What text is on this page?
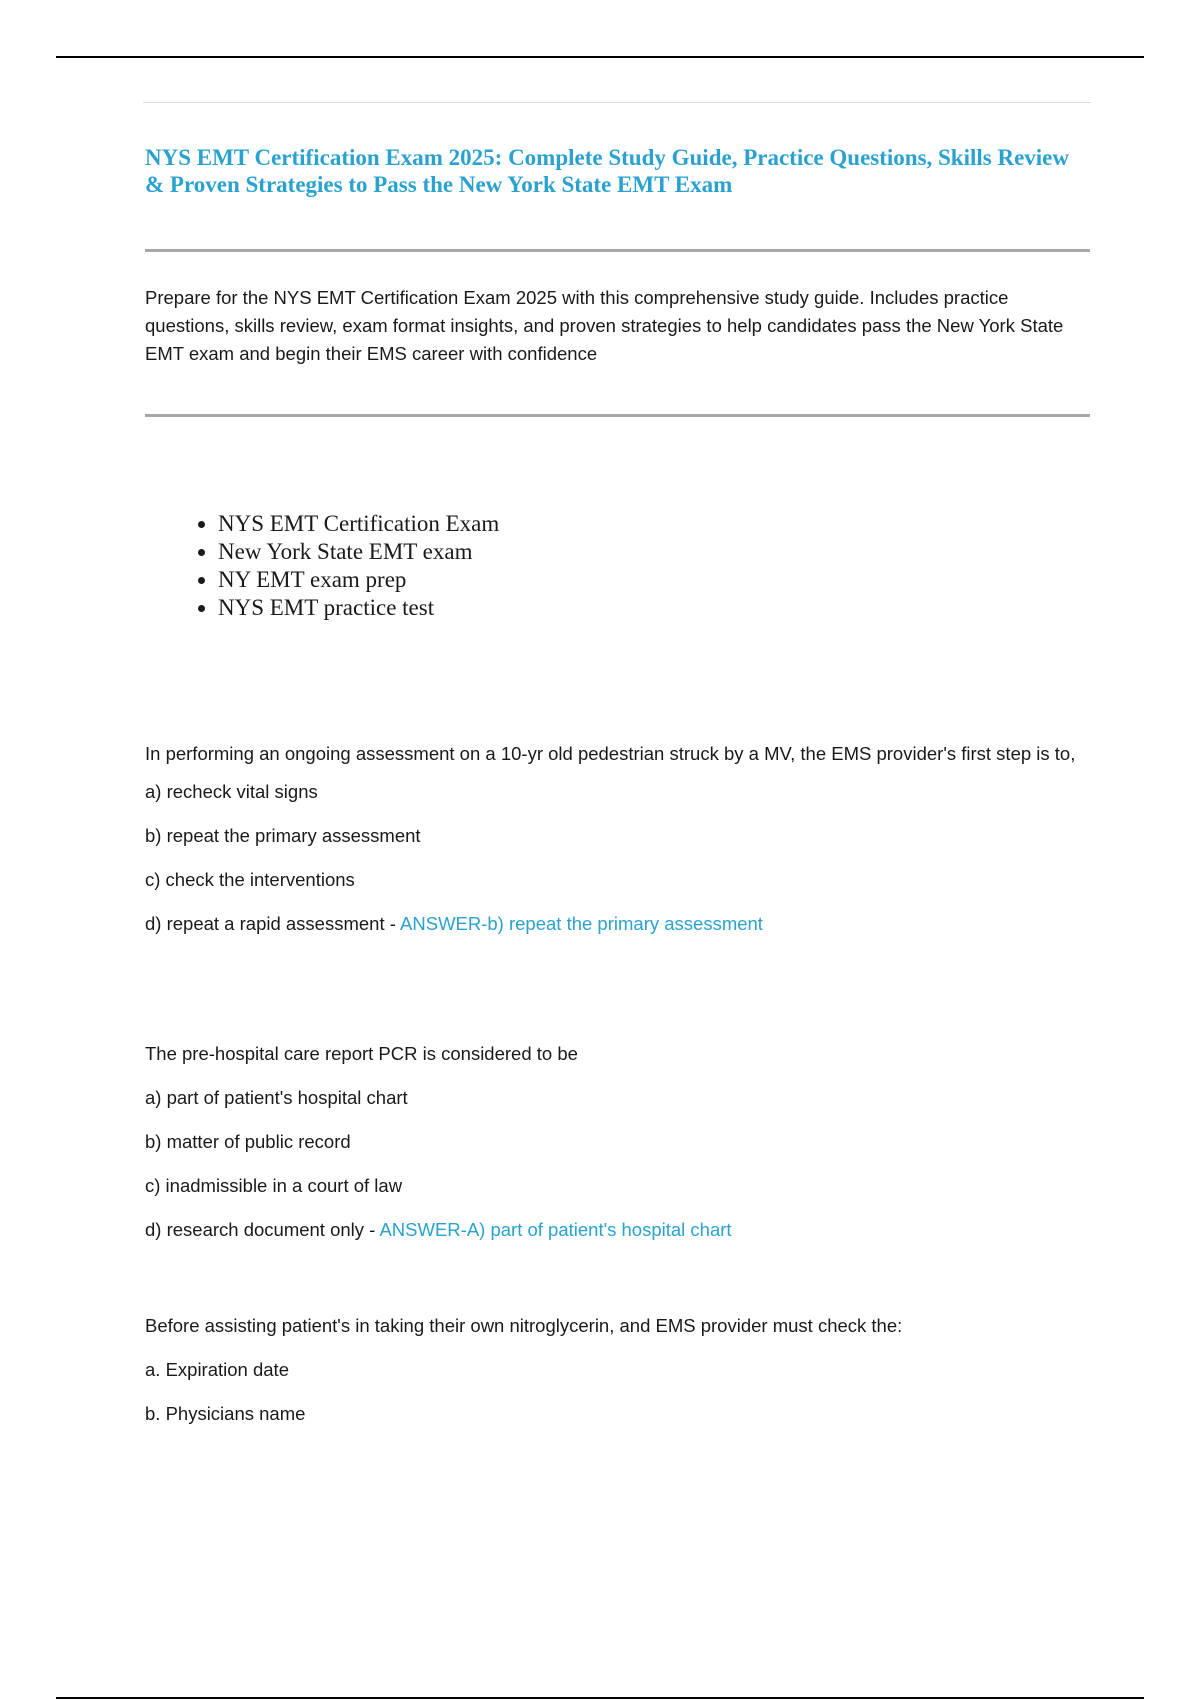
NYS EMT Certification Exam 2025: Complete Study Guide, Practice Questions, Skills Review & Proven Strategies to Pass the New York State EMT Exam

Prepare for the NYS EMT Certification Exam 2025 with this comprehensive study guide. Includes practice questions, skills review, exam format insights, and proven strategies to help candidates pass the New York State EMT exam and begin their EMS career with confidence

• NYS EMT Certification Exam
• New York State EMT exam
• NY EMT exam prep
• NYS EMT practice test

In performing an ongoing assessment on a 10-yr old pedestrian struck by a MV, the EMS provider's first step is to,

a) recheck vital signs

b) repeat the primary assessment

c) check the interventions

d) repeat a rapid assessment - ANSWER-b) repeat the primary assessment

The pre-hospital care report PCR is considered to be

a) part of patient's hospital chart

b) matter of public record

c) inadmissible in a court of law

d) research document only - ANSWER-A) part of patient's hospital chart

Before assisting patient's in taking their own nitroglycerin, and EMS provider must check the:

a. Expiration date

b. Physicians name
